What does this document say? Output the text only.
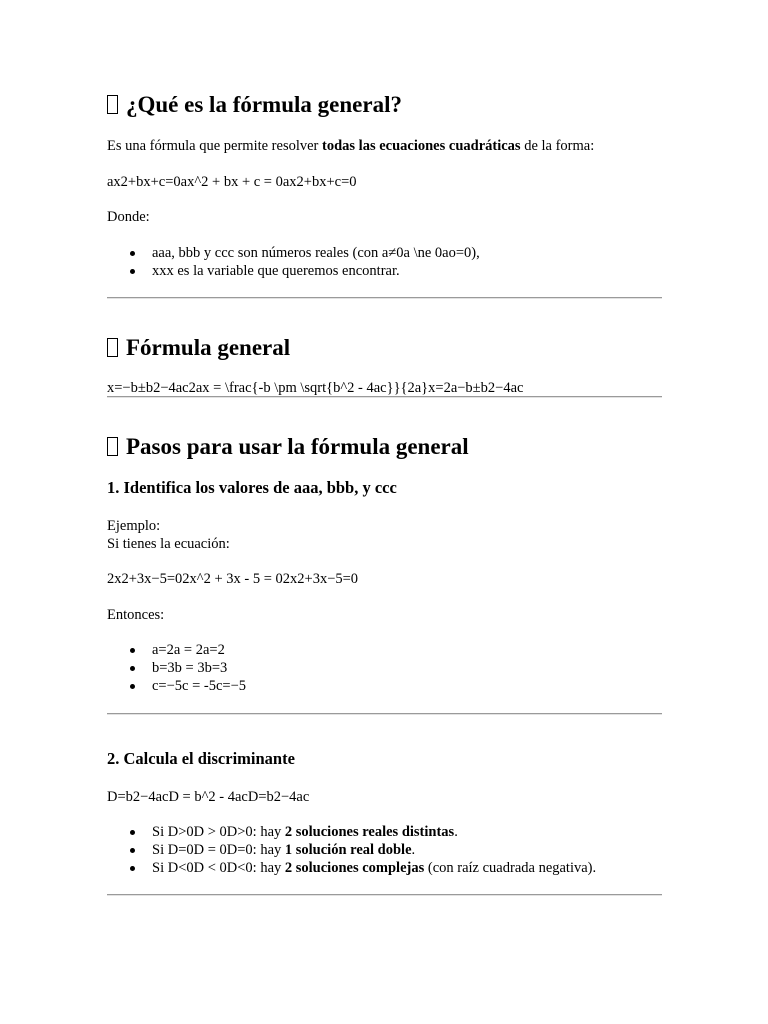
¿Qué es la fórmula general?
Es una fórmula que permite resolver todas las ecuaciones cuadráticas de la forma:
ax2+bx+c=0ax^2 + bx + c = 0ax2+bx+c=0
Donde:
aaa, bbb y ccc son números reales (con a≠0a \ne 0ao=0),
xxx es la variable que queremos encontrar.
Fórmula general
x=−b±b2−4ac2ax = \frac{-b \pm \sqrt{b^2 - 4ac}}{2a}x=2a−b±b2−4ac
Pasos para usar la fórmula general
1. Identifica los valores de aaa, bbb, y ccc
Ejemplo:
Si tienes la ecuación:
2x2+3x−5=02x^2 + 3x - 5 = 02x2+3x−5=0
Entonces:
a=2a = 2a=2
b=3b = 3b=3
c=−5c = -5c=−5
2. Calcula el discriminante
D=b2−4acD = b^2 - 4acD=b2−4ac
Si D>0D > 0D>0: hay 2 soluciones reales distintas.
Si D=0D = 0D=0: hay 1 solución real doble.
Si D<0D < 0D<0: hay 2 soluciones complejas (con raíz cuadrada negativa).
